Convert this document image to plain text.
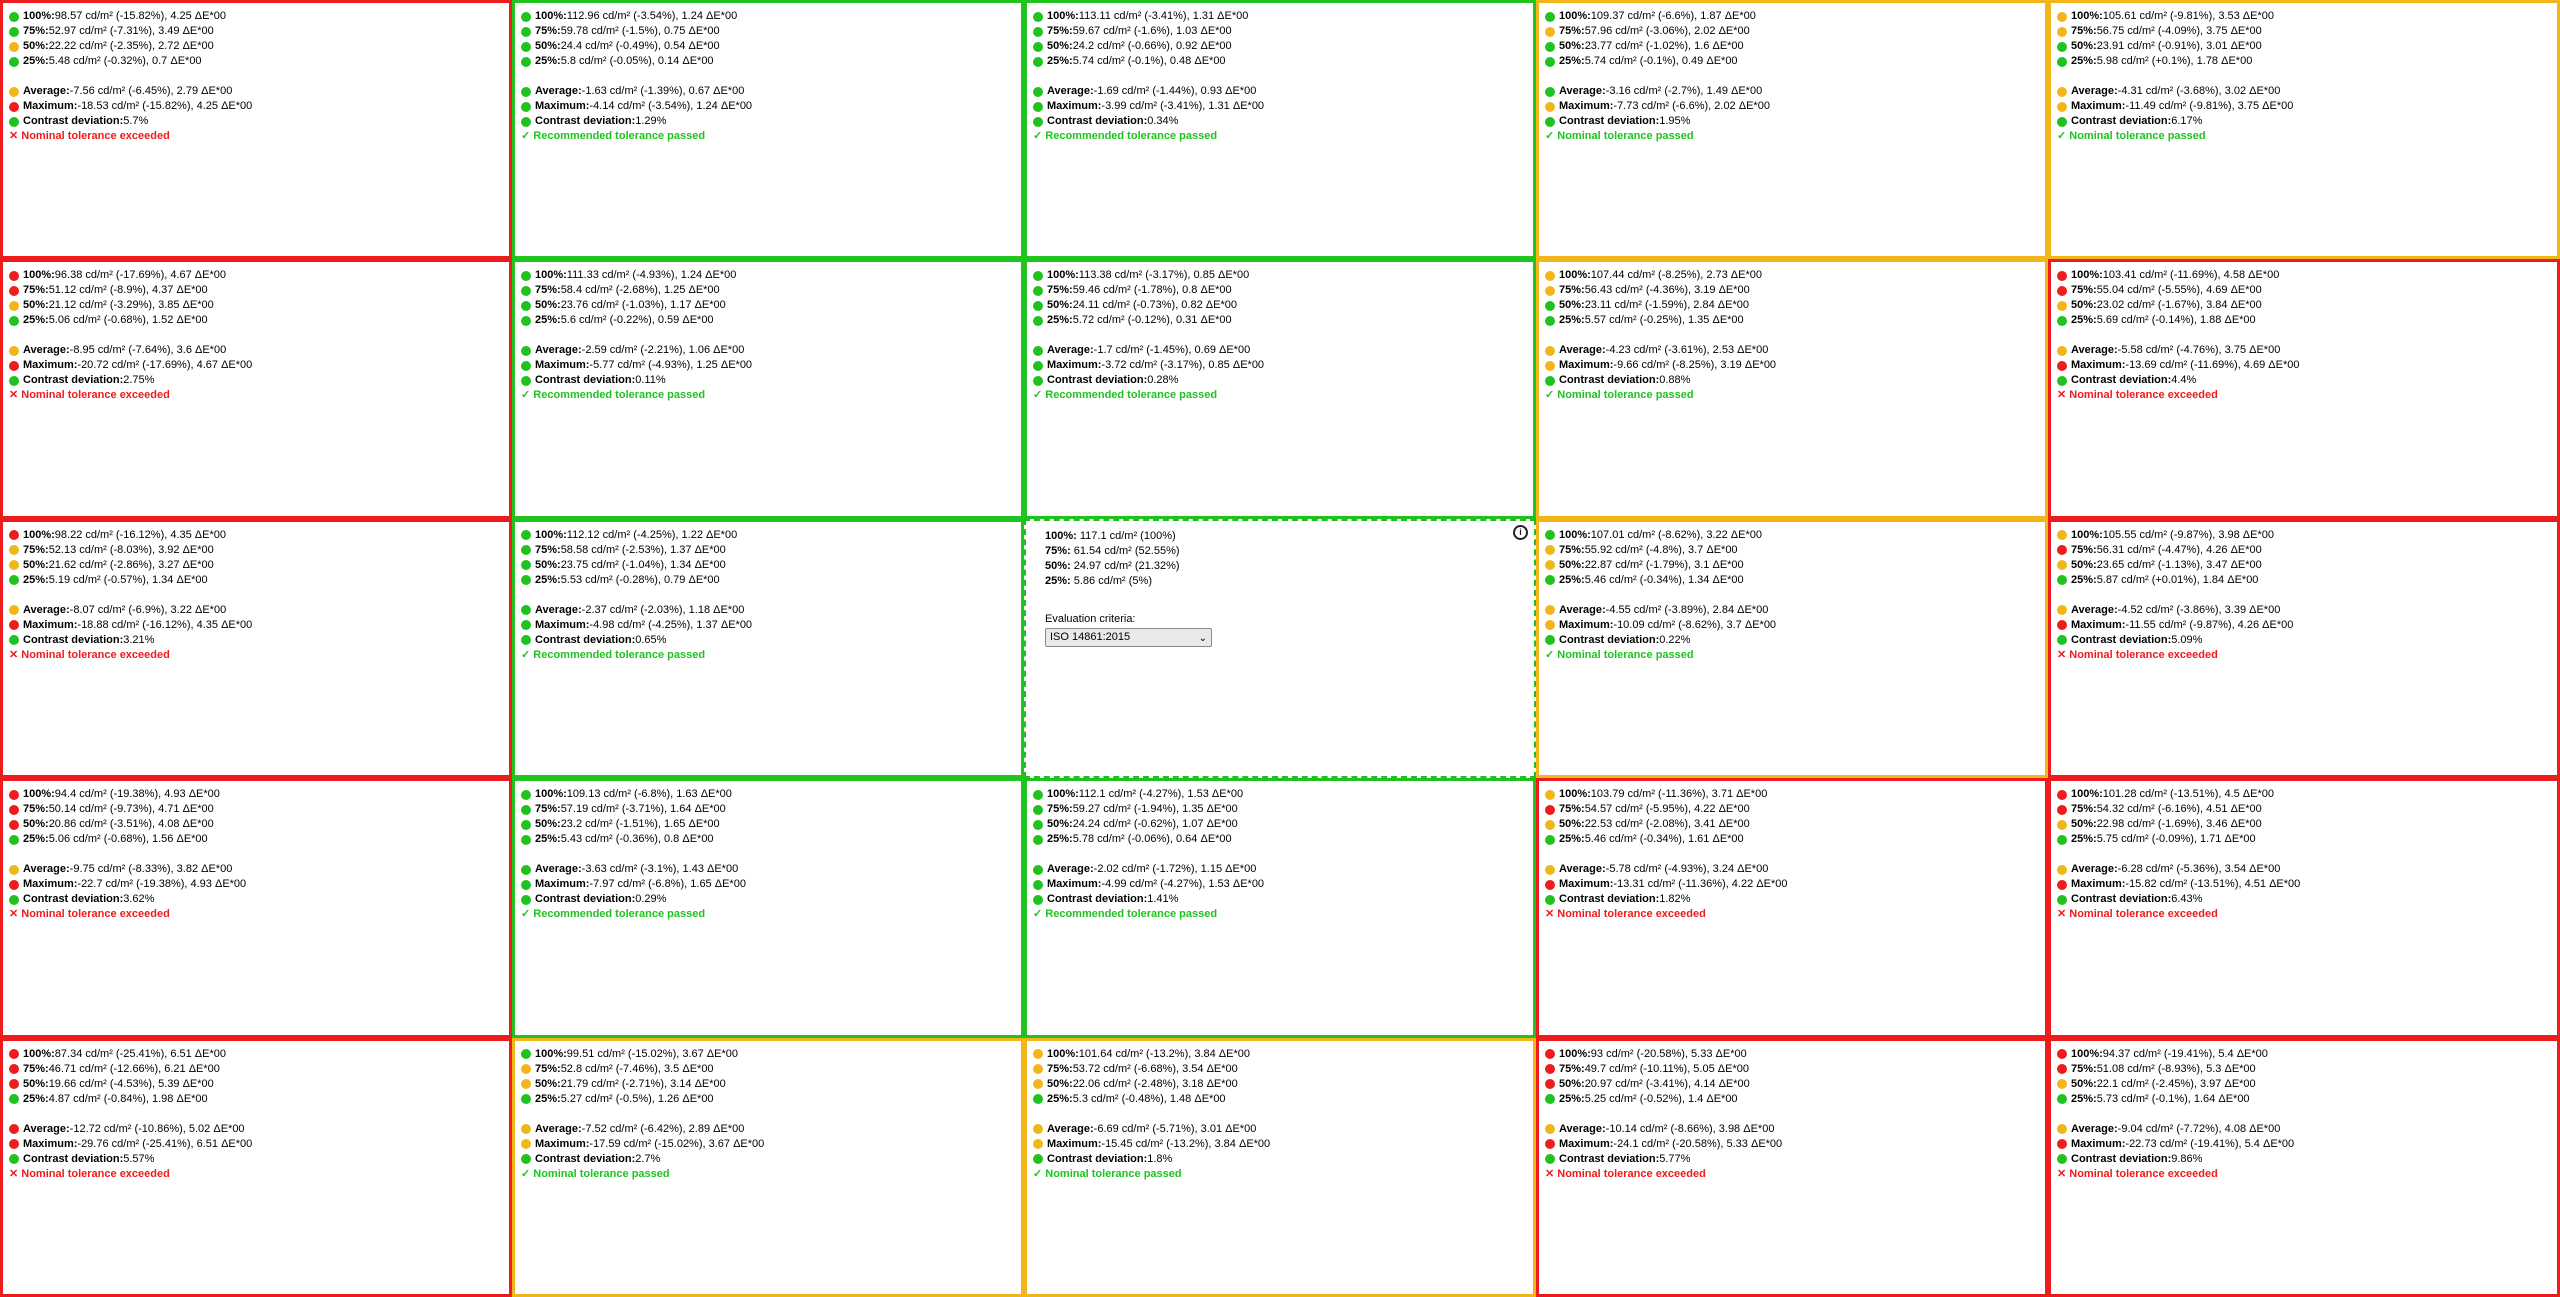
100%: 98.57 cd/m² (-15.82%), 4.25 ΔE*00
75%: 52.97 cd/m² (-7.31%), 3.49 ΔE*00
50%: 22.22 cd/m² (-2.35%), 2.72 ΔE*00
25%: 5.48 cd/m² (-0.32%), 0.7 ΔE*00
Average: -7.56 cd/m² (-6.45%), 2.79 ΔE*00
Maximum: -18.53 cd/m² (-15.82%), 4.25 ΔE*00
Contrast deviation: 5.7%
✕ Nominal tolerance exceeded
100%: 112.96 cd/m² (-3.54%), 1.24 ΔE*00
75%: 59.78 cd/m² (-1.5%), 0.75 ΔE*00
50%: 24.4 cd/m² (-0.49%), 0.54 ΔE*00
25%: 5.8 cd/m² (-0.05%), 0.14 ΔE*00
Average: -1.63 cd/m² (-1.39%), 0.67 ΔE*00
Maximum: -4.14 cd/m² (-3.54%), 1.24 ΔE*00
Contrast deviation: 1.29%
✓ Recommended tolerance passed
100%: 113.11 cd/m² (-3.41%), 1.31 ΔE*00
75%: 59.67 cd/m² (-1.6%), 1.03 ΔE*00
50%: 24.2 cd/m² (-0.66%), 0.92 ΔE*00
25%: 5.74 cd/m² (-0.1%), 0.48 ΔE*00
Average: -1.69 cd/m² (-1.44%), 0.93 ΔE*00
Maximum: -3.99 cd/m² (-3.41%), 1.31 ΔE*00
Contrast deviation: 0.34%
✓ Recommended tolerance passed
100%: 109.37 cd/m² (-6.6%), 1.87 ΔE*00
75%: 57.96 cd/m² (-3.06%), 2.02 ΔE*00
50%: 23.77 cd/m² (-1.02%), 1.6 ΔE*00
25%: 5.74 cd/m² (-0.1%), 0.49 ΔE*00
Average: -3.16 cd/m² (-2.7%), 1.49 ΔE*00
Maximum: -7.73 cd/m² (-6.6%), 2.02 ΔE*00
Contrast deviation: 1.95%
✓ Nominal tolerance passed
100%: 105.61 cd/m² (-9.81%), 3.53 ΔE*00
75%: 56.75 cd/m² (-4.09%), 3.75 ΔE*00
50%: 23.91 cd/m² (-0.91%), 3.01 ΔE*00
25%: 5.98 cd/m² (+0.1%), 1.78 ΔE*00
Average: -4.31 cd/m² (-3.68%), 3.02 ΔE*00
Maximum: -11.49 cd/m² (-9.81%), 3.75 ΔE*00
Contrast deviation: 6.17%
✓ Nominal tolerance passed
100%: 96.38 cd/m² (-17.69%), 4.67 ΔE*00
75%: 51.12 cd/m² (-8.9%), 4.37 ΔE*00
50%: 21.12 cd/m² (-3.29%), 3.85 ΔE*00
25%: 5.06 cd/m² (-0.68%), 1.52 ΔE*00
Average: -8.95 cd/m² (-7.64%), 3.6 ΔE*00
Maximum: -20.72 cd/m² (-17.69%), 4.67 ΔE*00
Contrast deviation: 2.75%
✕ Nominal tolerance exceeded
100%: 111.33 cd/m² (-4.93%), 1.24 ΔE*00
75%: 58.4 cd/m² (-2.68%), 1.25 ΔE*00
50%: 23.76 cd/m² (-1.03%), 1.17 ΔE*00
25%: 5.6 cd/m² (-0.22%), 0.59 ΔE*00
Average: -2.59 cd/m² (-2.21%), 1.06 ΔE*00
Maximum: -5.77 cd/m² (-4.93%), 1.25 ΔE*00
Contrast deviation: 0.11%
✓ Recommended tolerance passed
100%: 113.38 cd/m² (-3.17%), 0.85 ΔE*00
75%: 59.46 cd/m² (-1.78%), 0.8 ΔE*00
50%: 24.11 cd/m² (-0.73%), 0.82 ΔE*00
25%: 5.72 cd/m² (-0.12%), 0.31 ΔE*00
Average: -1.7 cd/m² (-1.45%), 0.69 ΔE*00
Maximum: -3.72 cd/m² (-3.17%), 0.85 ΔE*00
Contrast deviation: 0.28%
✓ Recommended tolerance passed
100%: 107.44 cd/m² (-8.25%), 2.73 ΔE*00
75%: 56.43 cd/m² (-4.36%), 3.19 ΔE*00
50%: 23.11 cd/m² (-1.59%), 2.84 ΔE*00
25%: 5.57 cd/m² (-0.25%), 1.35 ΔE*00
Average: -4.23 cd/m² (-3.61%), 2.53 ΔE*00
Maximum: -9.66 cd/m² (-8.25%), 3.19 ΔE*00
Contrast deviation: 0.88%
✓ Nominal tolerance passed
100%: 103.41 cd/m² (-11.69%), 4.58 ΔE*00
75%: 55.04 cd/m² (-5.55%), 4.69 ΔE*00
50%: 23.02 cd/m² (-1.67%), 3.84 ΔE*00
25%: 5.69 cd/m² (-0.14%), 1.88 ΔE*00
Average: -5.58 cd/m² (-4.76%), 3.75 ΔE*00
Maximum: -13.69 cd/m² (-11.69%), 4.69 ΔE*00
Contrast deviation: 4.4%
✕ Nominal tolerance exceeded
100%: 98.22 cd/m² (-16.12%), 4.35 ΔE*00
75%: 52.13 cd/m² (-8.03%), 3.92 ΔE*00
50%: 21.62 cd/m² (-2.86%), 3.27 ΔE*00
25%: 5.19 cd/m² (-0.57%), 1.34 ΔE*00
Average: -8.07 cd/m² (-6.9%), 3.22 ΔE*00
Maximum: -18.88 cd/m² (-16.12%), 4.35 ΔE*00
Contrast deviation: 3.21%
✕ Nominal tolerance exceeded
100%: 112.12 cd/m² (-4.25%), 1.22 ΔE*00
75%: 58.58 cd/m² (-2.53%), 1.37 ΔE*00
50%: 23.75 cd/m² (-1.04%), 1.34 ΔE*00
25%: 5.53 cd/m² (-0.28%), 0.79 ΔE*00
Average: -2.37 cd/m² (-2.03%), 1.18 ΔE*00
Maximum: -4.98 cd/m² (-4.25%), 1.37 ΔE*00
Contrast deviation: 0.65%
✓ Recommended tolerance passed
100%: 117.1 cd/m² (100%)
75%: 61.54 cd/m² (52.55%)
50%: 24.97 cd/m² (21.32%)
25%: 5.86 cd/m² (5%)
Evaluation criteria:
ISO 14861:2015	⌄
i	100%: 107.01 cd/m² (-8.62%), 3.22 ΔE*00
75%: 55.92 cd/m² (-4.8%), 3.7 ΔE*00
50%: 22.87 cd/m² (-1.79%), 3.1 ΔE*00
25%: 5.46 cd/m² (-0.34%), 1.34 ΔE*00
Average: -4.55 cd/m² (-3.89%), 2.84 ΔE*00
Maximum: -10.09 cd/m² (-8.62%), 3.7 ΔE*00
Contrast deviation: 0.22%
✓ Nominal tolerance passed
100%: 105.55 cd/m² (-9.87%), 3.98 ΔE*00
75%: 56.31 cd/m² (-4.47%), 4.26 ΔE*00
50%: 23.65 cd/m² (-1.13%), 3.47 ΔE*00
25%: 5.87 cd/m² (+0.01%), 1.84 ΔE*00
Average: -4.52 cd/m² (-3.86%), 3.39 ΔE*00
Maximum: -11.55 cd/m² (-9.87%), 4.26 ΔE*00
Contrast deviation: 5.09%
✕ Nominal tolerance exceeded
100%: 94.4 cd/m² (-19.38%), 4.93 ΔE*00
75%: 50.14 cd/m² (-9.73%), 4.71 ΔE*00
50%: 20.86 cd/m² (-3.51%), 4.08 ΔE*00
25%: 5.06 cd/m² (-0.68%), 1.56 ΔE*00
Average: -9.75 cd/m² (-8.33%), 3.82 ΔE*00
Maximum: -22.7 cd/m² (-19.38%), 4.93 ΔE*00
Contrast deviation: 3.62%
✕ Nominal tolerance exceeded
100%: 109.13 cd/m² (-6.8%), 1.63 ΔE*00
75%: 57.19 cd/m² (-3.71%), 1.64 ΔE*00
50%: 23.2 cd/m² (-1.51%), 1.65 ΔE*00
25%: 5.43 cd/m² (-0.36%), 0.8 ΔE*00
Average: -3.63 cd/m² (-3.1%), 1.43 ΔE*00
Maximum: -7.97 cd/m² (-6.8%), 1.65 ΔE*00
Contrast deviation: 0.29%
✓ Recommended tolerance passed
100%: 112.1 cd/m² (-4.27%), 1.53 ΔE*00
75%: 59.27 cd/m² (-1.94%), 1.35 ΔE*00
50%: 24.24 cd/m² (-0.62%), 1.07 ΔE*00
25%: 5.78 cd/m² (-0.06%), 0.64 ΔE*00
Average: -2.02 cd/m² (-1.72%), 1.15 ΔE*00
Maximum: -4.99 cd/m² (-4.27%), 1.53 ΔE*00
Contrast deviation: 1.41%
✓ Recommended tolerance passed
100%: 103.79 cd/m² (-11.36%), 3.71 ΔE*00
75%: 54.57 cd/m² (-5.95%), 4.22 ΔE*00
50%: 22.53 cd/m² (-2.08%), 3.41 ΔE*00
25%: 5.46 cd/m² (-0.34%), 1.61 ΔE*00
Average: -5.78 cd/m² (-4.93%), 3.24 ΔE*00
Maximum: -13.31 cd/m² (-11.36%), 4.22 ΔE*00
Contrast deviation: 1.82%
✕ Nominal tolerance exceeded
100%: 101.28 cd/m² (-13.51%), 4.5 ΔE*00
75%: 54.32 cd/m² (-6.16%), 4.51 ΔE*00
50%: 22.98 cd/m² (-1.69%), 3.46 ΔE*00
25%: 5.75 cd/m² (-0.09%), 1.71 ΔE*00
Average: -6.28 cd/m² (-5.36%), 3.54 ΔE*00
Maximum: -15.82 cd/m² (-13.51%), 4.51 ΔE*00
Contrast deviation: 6.43%
✕ Nominal tolerance exceeded
100%: 87.34 cd/m² (-25.41%), 6.51 ΔE*00
75%: 46.71 cd/m² (-12.66%), 6.21 ΔE*00
50%: 19.66 cd/m² (-4.53%), 5.39 ΔE*00
25%: 4.87 cd/m² (-0.84%), 1.98 ΔE*00
Average: -12.72 cd/m² (-10.86%), 5.02 ΔE*00
Maximum: -29.76 cd/m² (-25.41%), 6.51 ΔE*00
Contrast deviation: 5.57%
✕ Nominal tolerance exceeded
100%: 99.51 cd/m² (-15.02%), 3.67 ΔE*00
75%: 52.8 cd/m² (-7.46%), 3.5 ΔE*00
50%: 21.79 cd/m² (-2.71%), 3.14 ΔE*00
25%: 5.27 cd/m² (-0.5%), 1.26 ΔE*00
Average: -7.52 cd/m² (-6.42%), 2.89 ΔE*00
Maximum: -17.59 cd/m² (-15.02%), 3.67 ΔE*00
Contrast deviation: 2.7%
✓ Nominal tolerance passed
100%: 101.64 cd/m² (-13.2%), 3.84 ΔE*00
75%: 53.72 cd/m² (-6.68%), 3.54 ΔE*00
50%: 22.06 cd/m² (-2.48%), 3.18 ΔE*00
25%: 5.3 cd/m² (-0.48%), 1.48 ΔE*00
Average: -6.69 cd/m² (-5.71%), 3.01 ΔE*00
Maximum: -15.45 cd/m² (-13.2%), 3.84 ΔE*00
Contrast deviation: 1.8%
✓ Nominal tolerance passed
100%: 93 cd/m² (-20.58%), 5.33 ΔE*00
75%: 49.7 cd/m² (-10.11%), 5.05 ΔE*00
50%: 20.97 cd/m² (-3.41%), 4.14 ΔE*00
25%: 5.25 cd/m² (-0.52%), 1.4 ΔE*00
Average: -10.14 cd/m² (-8.66%), 3.98 ΔE*00
Maximum: -24.1 cd/m² (-20.58%), 5.33 ΔE*00
Contrast deviation: 5.77%
✕ Nominal tolerance exceeded
100%: 94.37 cd/m² (-19.41%), 5.4 ΔE*00
75%: 51.08 cd/m² (-8.93%), 5.3 ΔE*00
50%: 22.1 cd/m² (-2.45%), 3.97 ΔE*00
25%: 5.73 cd/m² (-0.1%), 1.64 ΔE*00
Average: -9.04 cd/m² (-7.72%), 4.08 ΔE*00
Maximum: -22.73 cd/m² (-19.41%), 5.4 ΔE*00
Contrast deviation: 9.86%
✕ Nominal tolerance exceeded
